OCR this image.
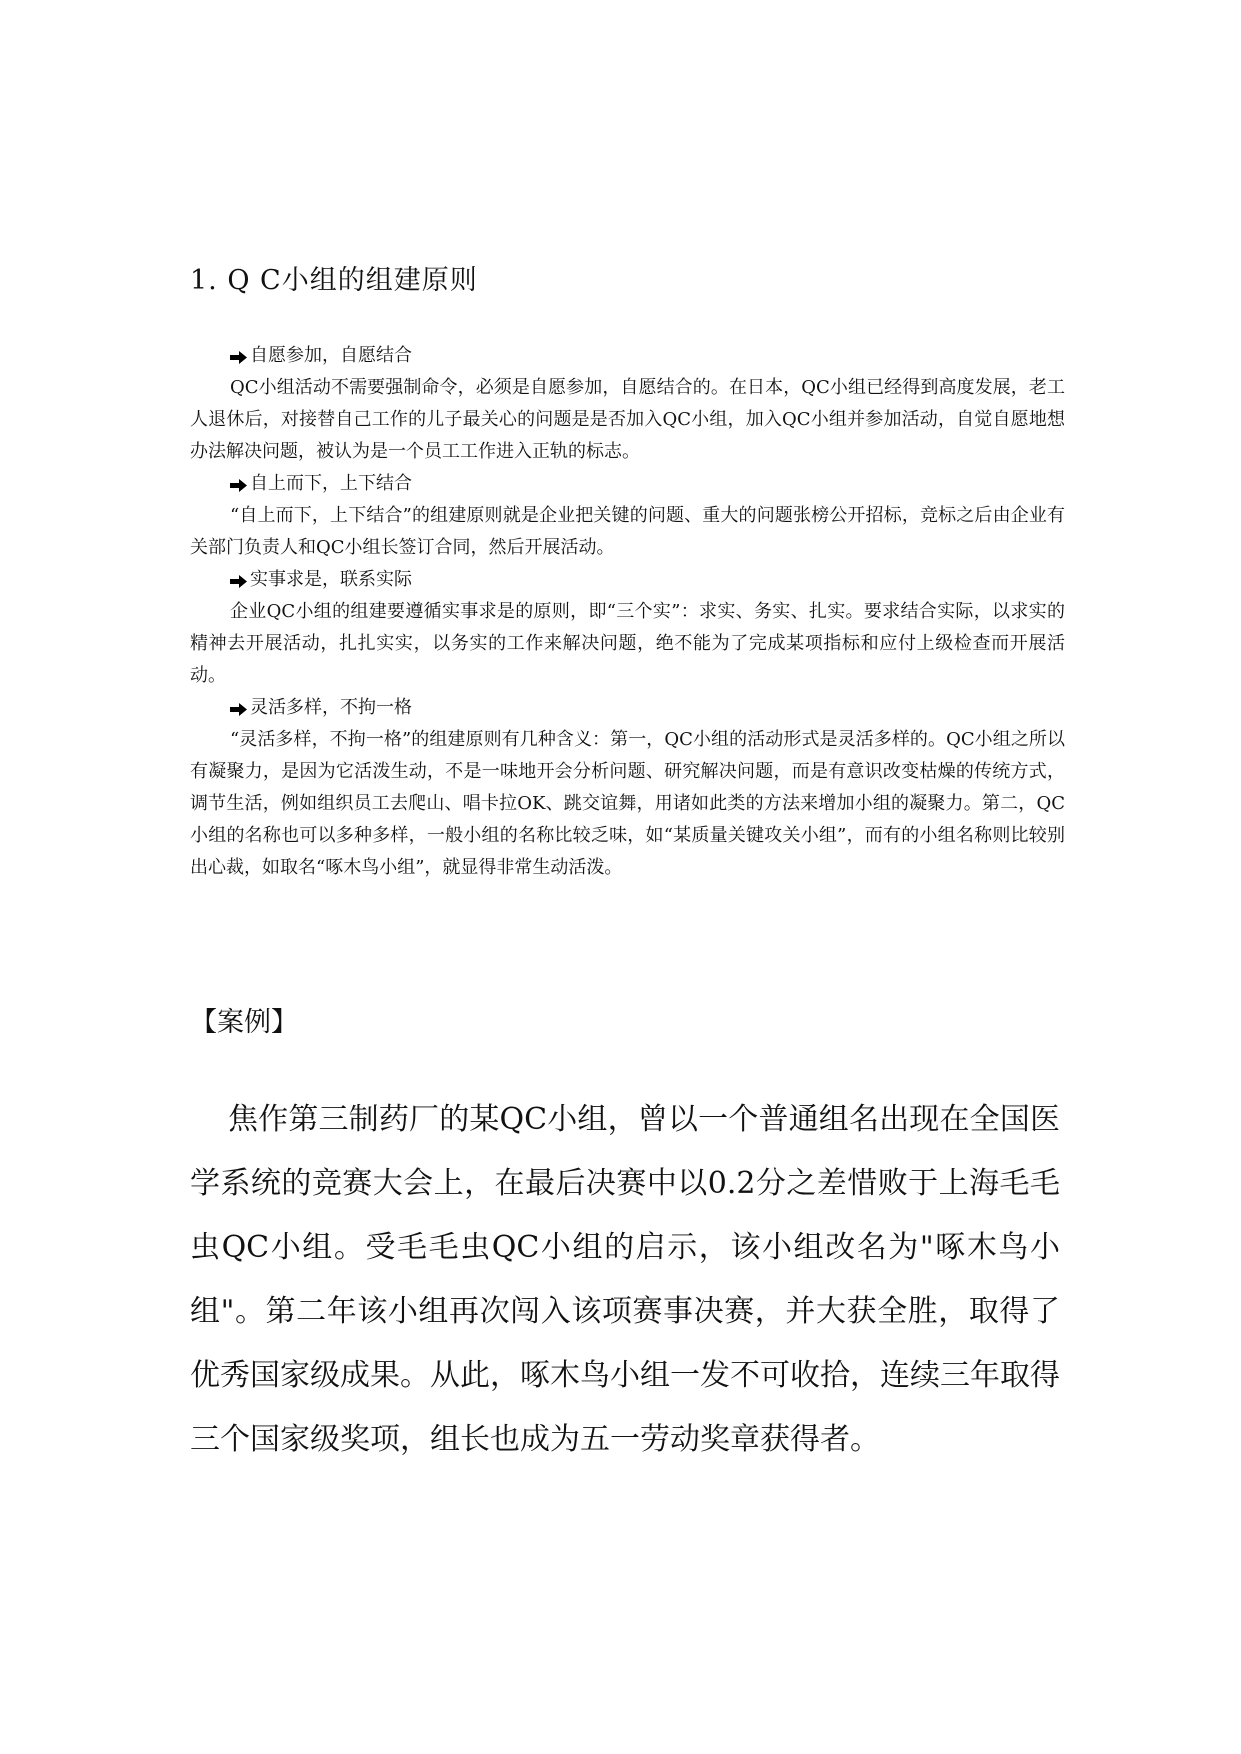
1. Q C小组的组建原则
自愿参加，自愿结合

QC小组活动不需要强制命令，必须是自愿参加，自愿结合的。在日本，QC小组已经得到高度发展，老工人退休后，对接替自己工作的儿子最关心的问题是是否加入QC小组，加入QC小组并参加活动，自觉自愿地想办法解决问题，被认为是一个员工工作进入正轨的标志。

自上而下，上下结合

“自上而下，上下结合”的组建原则就是企业把关键的问题、重大的问题张榜公开招标，竞标之后由企业有关部门负责人和QC小组长签订合同，然后开展活动。

实事求是，联系实际

企业QC小组的组建要遵循实事求是的原则，即“三个实”：求实、务实、扎实。要求结合实际，以求实的精神去开展活动，扎扎实实，以务实的工作来解决问题，绝不能为了完成某项指标和应付上级检查而开展活动。

灵活多样，不拘一格

“灵活多样，不拘一格”的组建原则有几种含义：第一，QC小组的活动形式是灵活多样的。QC小组之所以有凝聚力，是因为它活泼生动，不是一味地开会分析问题、研究解决问题，而是有意识改变枯燥的传统方式，调节生活，例如组织员工去爬山、唱卡拉OK、跳交谊舞，用诸如此类的方法来增加小组的凝聚力。第二，QC小组的名称也可以多种多样，一般小组的名称比较乏味，如“某质量关键攻关小组”，而有的小组名称则比较别出心裁，如取名“啄木鸟小组”，就显得非常生动活泼。

【案例】

焦作第三制药厂的某QC小组，曾以一个普通组名出现在全国医学系统的竞赛大会上，在最后决赛中以0.2分之差惜败于上海毛毛虫QC小组。受毛毛虫QC小组的启示，该小组改名为"啄木鸟小组"。第二年该小组再次闯入该项赛事决赛，并大获全胜，取得了优秀国家级成果。从此，啄木鸟小组一发不可收拾，连续三年取得三个国家级奖项，组长也成为五一劳动奖章获得者。
